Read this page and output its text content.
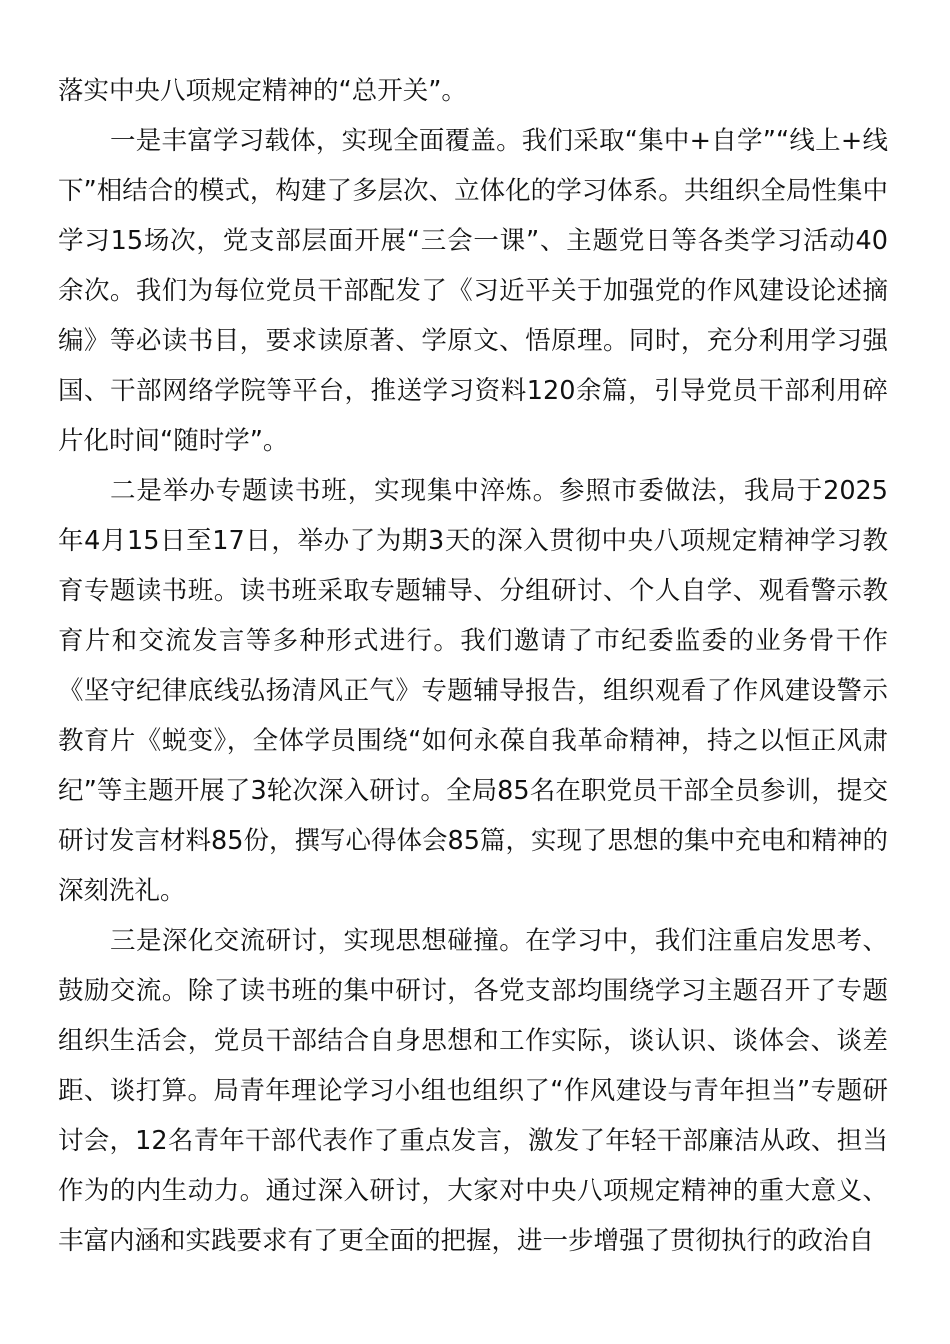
落实中央八项规定精神的“总开关”。

一是丰富学习载体，实现全面覆盖。我们采取“集中+自学”“线上+线下”相结合的模式，构建了多层次、立体化的学习体系。共组织全局性集中学习15场次，党支部层面开展“三会一课”、主题党日等各类学习活动40余次。我们为每位党员干部配发了《习近平关于加强党的作风建设论述摘编》等必读书目，要求读原著、学原文、悟原理。同时，充分利用学习强国、干部网络学院等平台，推送学习资料120余篇，引导党员干部利用碎片化时间“随时学”。

二是举办专题读书班，实现集中淬炼。参照市委做法，我局于2025年4月15日至17日，举办了为期3天的深入贯彻中央八项规定精神学习教育专题读书班。读书班采取专题辅导、分组研讨、个人自学、观看警示教育片和交流发言等多种形式进行。我们邀请了市纪委监委的业务骨干作《坚守纪律底线弘扬清风正气》专题辅导报告，组织观看了作风建设警示教育片《蜕变》，全体学员围绕“如何永葆自我革命精神，持之以恒正风肃纪”等主题开展了3轮次深入研讨。全局85名在职党员干部全员参训，提交研讨发言材料85份，撰写心得体会85篇，实现了思想的集中充电和精神的深刻洗礼。

三是深化交流研讨，实现思想碰撞。在学习中，我们注重启发思考、鼓励交流。除了读书班的集中研讨，各党支部均围绕学习主题召开了专题组织生活会，党员干部结合自身思想和工作实际，谈认识、谈体会、谈差距、谈打算。局青年理论学习小组也组织了“作风建设与青年担当”专题研讨会，12名青年干部代表作了重点发言，激发了年轻干部廉洁从政、担当作为的内生动力。通过深入研讨，大家对中央八项规定精神的重大意义、丰富内涵和实践要求有了更全面的把握，进一步增强了贯彻执行的政治自
